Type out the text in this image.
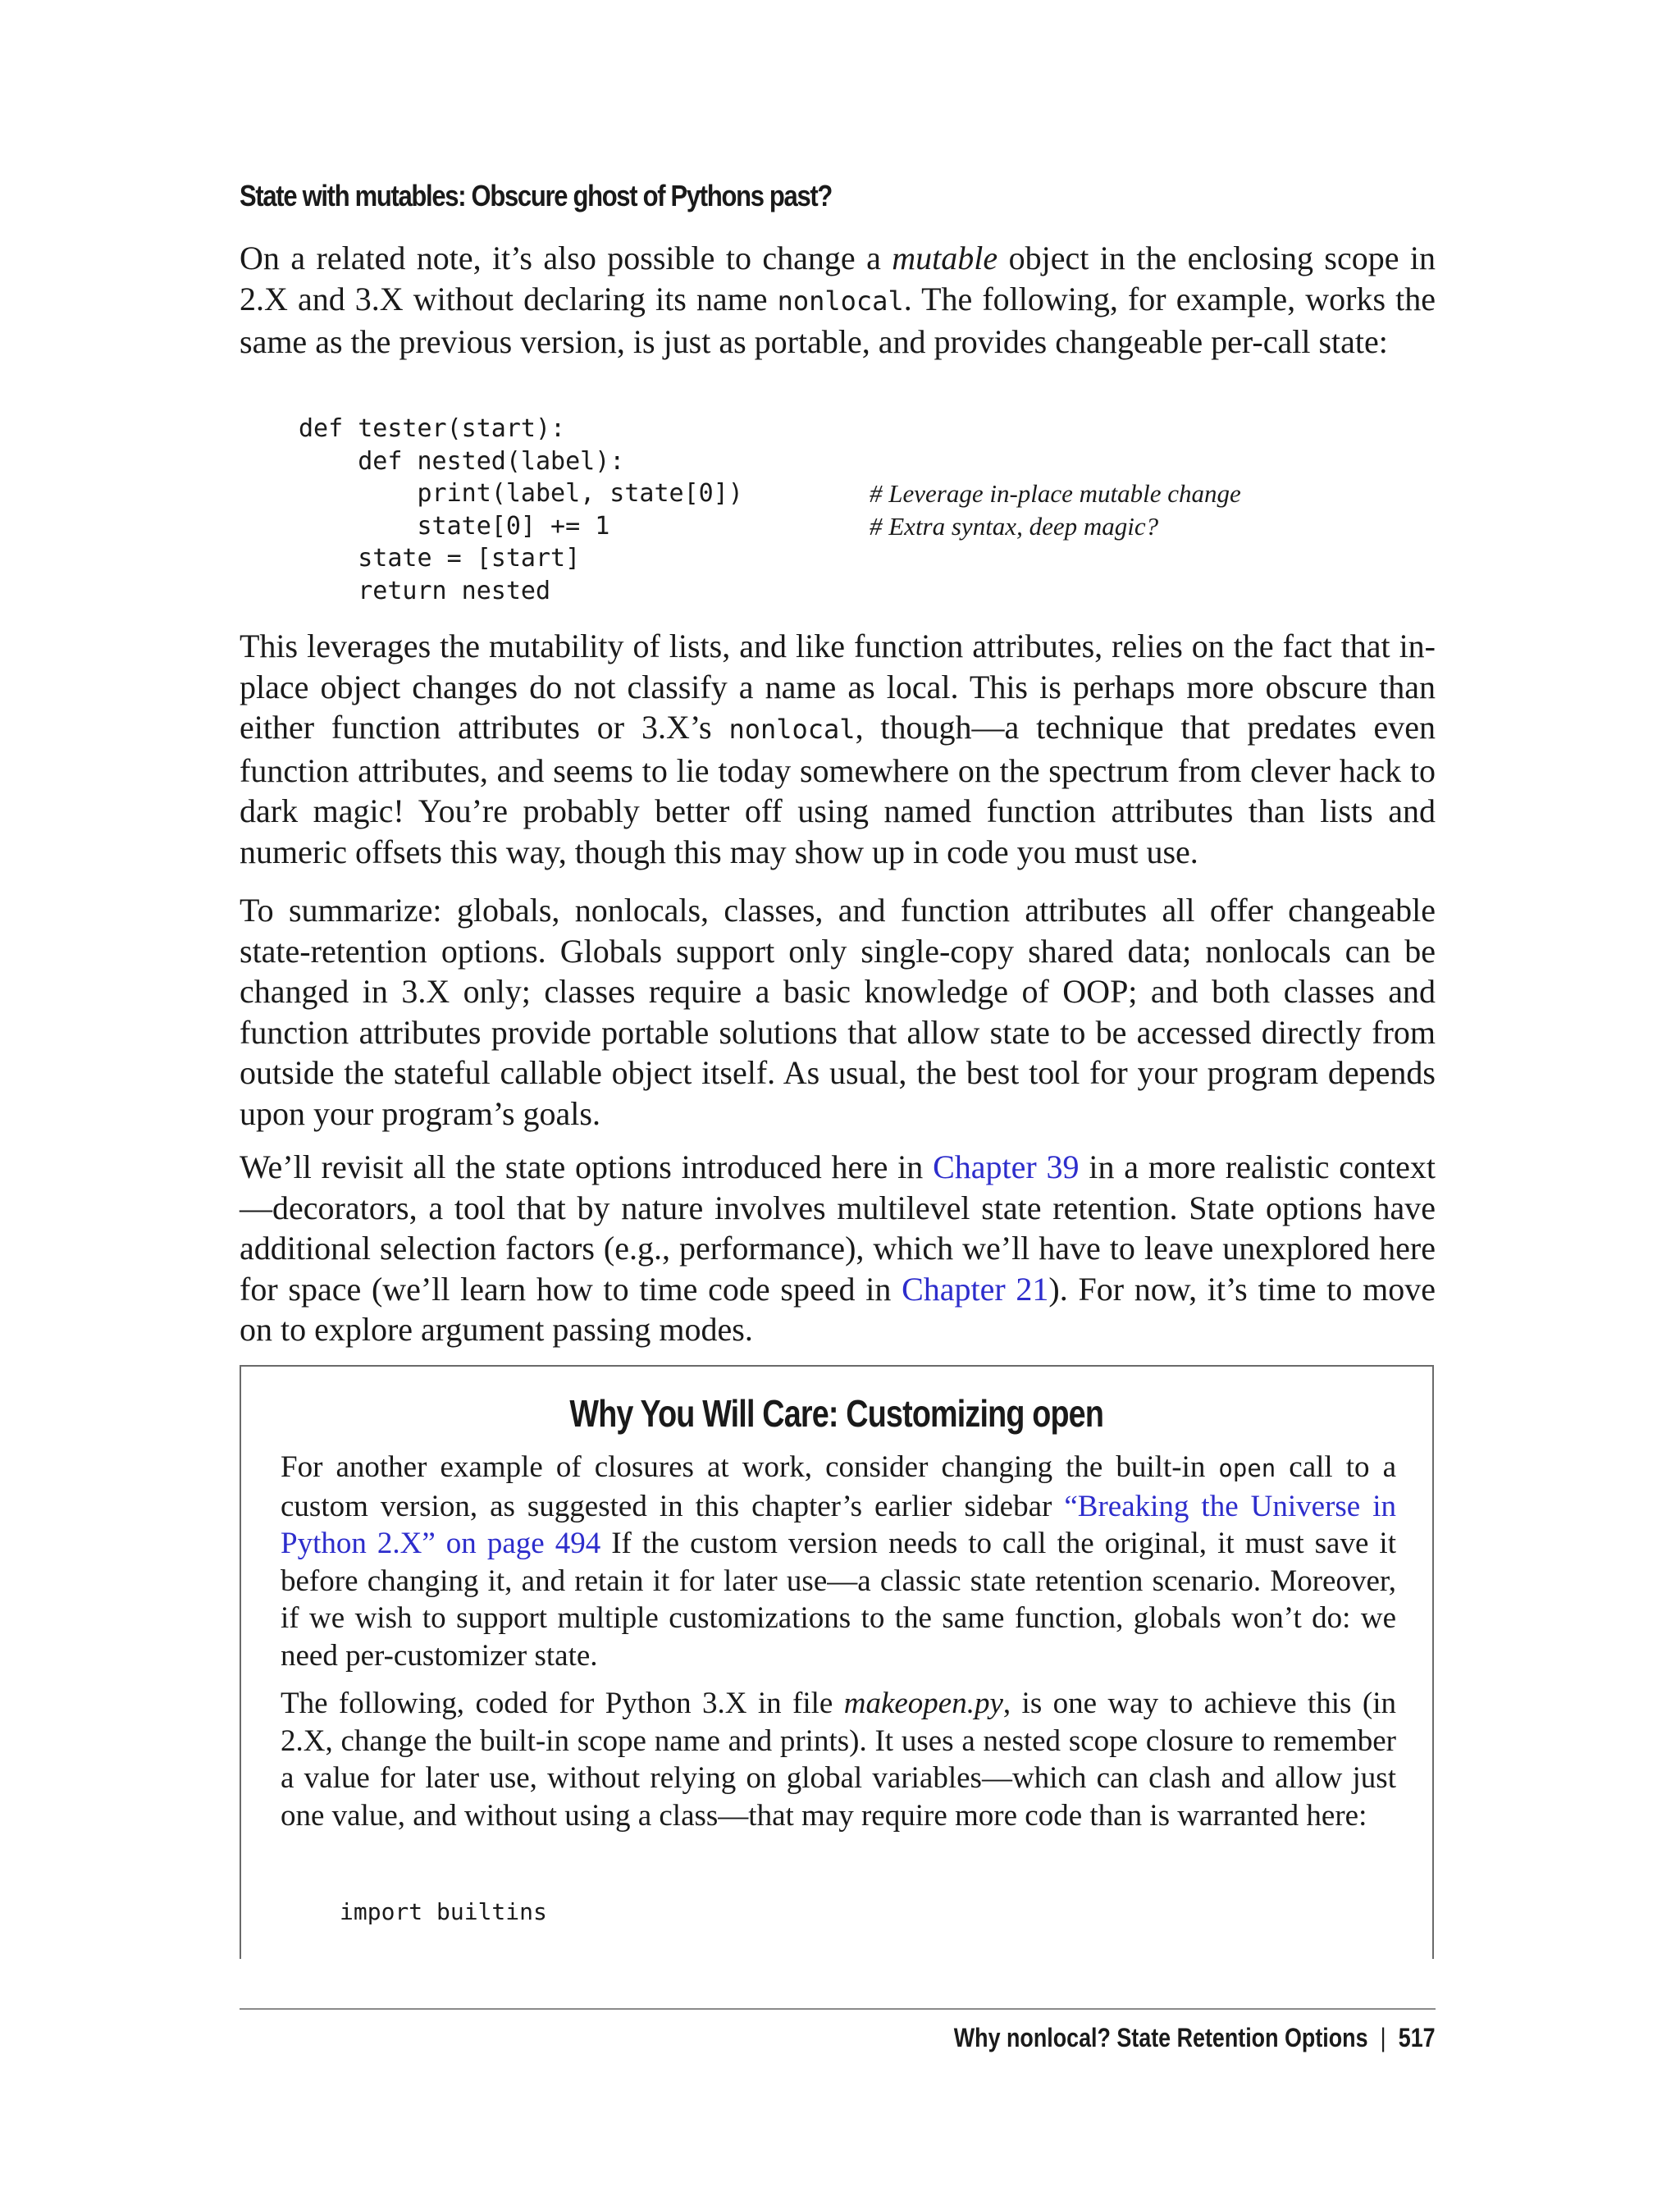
State with mutables: Obscure ghost of Pythons past?

On a related note, it’s also possible to change a mutable object in the enclosing scope in 2.X and 3.X without declaring its name nonlocal. The following, for example, works the same as the previous version, is just as portable, and provides changeable per-call state:

def tester(start):
def nested(label):
print(label, state[0])
state[0] += 1
state = [start]
return nested
# Leverage in-place mutable change
# Extra syntax, deep magic?

This leverages the mutability of lists, and like function attributes, relies on the fact that in-place object changes do not classify a name as local. This is perhaps more obscure than either function attributes or 3.X’s nonlocal, though—a technique that predates even function attributes, and seems to lie today somewhere on the spectrum from clever hack to dark magic! You’re probably better off using named function attributes than lists and numeric offsets this way, though this may show up in code you must use.

To summarize: globals, nonlocals, classes, and function attributes all offer changeable state-retention options. Globals support only single-copy shared data; nonlocals can be changed in 3.X only; classes require a basic knowledge of OOP; and both classes and function attributes provide portable solutions that allow state to be accessed directly from outside the stateful callable object itself. As usual, the best tool for your program depends upon your program’s goals.

We’ll revisit all the state options introduced here in Chapter 39 in a more realistic context—decorators, a tool that by nature involves multilevel state retention. State options have additional selection factors (e.g., performance), which we’ll have to leave unexplored here for space (we’ll learn how to time code speed in Chapter 21). For now, it’s time to move on to explore argument passing modes.

Why You Will Care: Customizing open

For another example of closures at work, consider changing the built-in open call to a custom version, as suggested in this chapter’s earlier sidebar “Breaking the Universe in Python 2.X” on page 494 If the custom version needs to call the original, it must save it before changing it, and retain it for later use—a classic state retention scenario. Moreover, if we wish to support multiple customizations to the same function, globals won’t do: we need per-customizer state.

The following, coded for Python 3.X in file makeopen.py, is one way to achieve this (in 2.X, change the built-in scope name and prints). It uses a nested scope closure to remember a value for later use, without relying on global variables—which can clash and allow just one value, and without using a class—that may require more code than is warranted here:

import builtins
Why nonlocal? State Retention Options | 517
